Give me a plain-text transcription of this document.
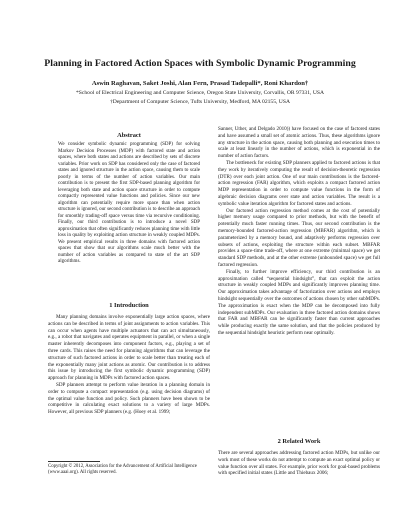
Planning in Factored Action Spaces with Symbolic Dynamic Programming
Aswin Raghavan, Saket Joshi, Alan Fern, Prasad Tadepalli*, Roni Khardon†
*School of Electrical Engineering and Computer Science, Oregon State University, Corvallis, OR 97331, USA
†Department of Computer Science, Tufts University, Medford, MA 02155, USA
Abstract
We consider symbolic dynamic programming (SDP) for solving Markov Decision Processes (MDP) with factored state and action spaces, where both states and actions are described by sets of discrete variables. Prior work on SDP has considered only the case of factored states and ignored structure in the action space, causing them to scale poorly in terms of the number of action variables. Our main contribution is to present the first SDP-based planning algorithm for leveraging both state and action space structure in order to compute compactly represented value functions and policies. Since our new algorithm can potentially require more space than when action structure is ignored, our second contribution is to describe an approach for smoothly trading-off space versus time via recursive conditioning. Finally, our third contribution is to introduce a novel SDP approximation that often significantly reduces planning time with little loss in quality by exploiting action structure in weakly coupled MDPs. We present empirical results in three domains with factored action spaces that show that our algorithms scale much better with the number of action variables as compared to state of the art SDP algorithms.
1 Introduction

Many planning domains involve exponentially large action spaces, where actions can be described in terms of joint assignments to action variables. This can occur when agents have multiple actuators that can act simultaneously, e.g., a robot that navigates and operates equipment in parallel, or when a single master inherently decomposes into component factors, e.g., playing a set of three cards. This raises the need for planning algorithms that can leverage the structure of such factored actions in order to scale better than treating each of the exponentially many joint actions as atomic. Our contribution is to address this issue by introducing the first symbolic dynamic programming (SDP) approach for planning in MDPs with factored action spaces.

SDP planners attempt to perform value iteration in a planning domain in order to compute a compact representation (e.g. using decision diagrams) of the optimal value function and policy. Such planners have been shown to be competitive in calculating exact solutions to a variety of large MDPs. However, all previous SDP planners (e.g. (Hoey et al. 1999;

Copyright © 2012, Association for the Advancement of Artificial Intelligence (www.aaai.org). All rights reserved.

Sanner, Uther, and Delgado 2010)) have focused on the case of factored states and have assumed a small set of atomic actions. Thus, these algorithms ignore any structure in the action space, causing both planning and execution times to scale at least linearly in the number of actions, which is exponential in the number of action factors.

The bottleneck for existing SDP planners applied to factored actions is that they work by iteratively computing the result of decision-theoretic regression (DTR) over each joint action. One of our main contributions is the factored-action regression (FAR) algorithm, which exploits a compact factored action MDP representation in order to compute value functions in the form of algebraic decision diagrams over state and action variables. The result is a symbolic value iteration algorithm for factored states and actions.

Our factored action regression method comes at the cost of potentially higher memory usage compared to prior methods, but with the benefit of potentially much faster running times. Thus, our second contribution is the memory-bounded factored-action regression (MBFAR) algorithm, which is parameterized by a memory bound, and adaptively performs regression over subsets of actions, exploiting the structure within each subset. MBFAR provides a space-time trade-off, where at one extreme (minimal space) we get standard SDP methods, and at the other extreme (unbounded space) we get full factored regression.

Finally, to further improve efficiency, our third contribution is an approximation called “sequential hindsight”, that can exploit the action structure in weakly coupled MDPs and significantly improves planning time. Our approximation takes advantage of factorization over actions and employs hindsight sequentially over the outcomes of actions chosen by other subMDPs. The approximation is exact when the MDP can be decomposed into fully independent subMDPs. Our evaluation in three factored action domains shows that FAR and MBFAR can be significantly faster than current approaches while producing exactly the same solution, and that the policies produced by the sequential hindsight heuristic perform near optimally.

2 Related Work

There are several approaches addressing factored action MDPs, but unlike our work most of these works do not attempt to compute an exact optimal policy or value function over all states. For example, prior work for goal-based problems with specified initial states (Little and Thiebaux 2006;
